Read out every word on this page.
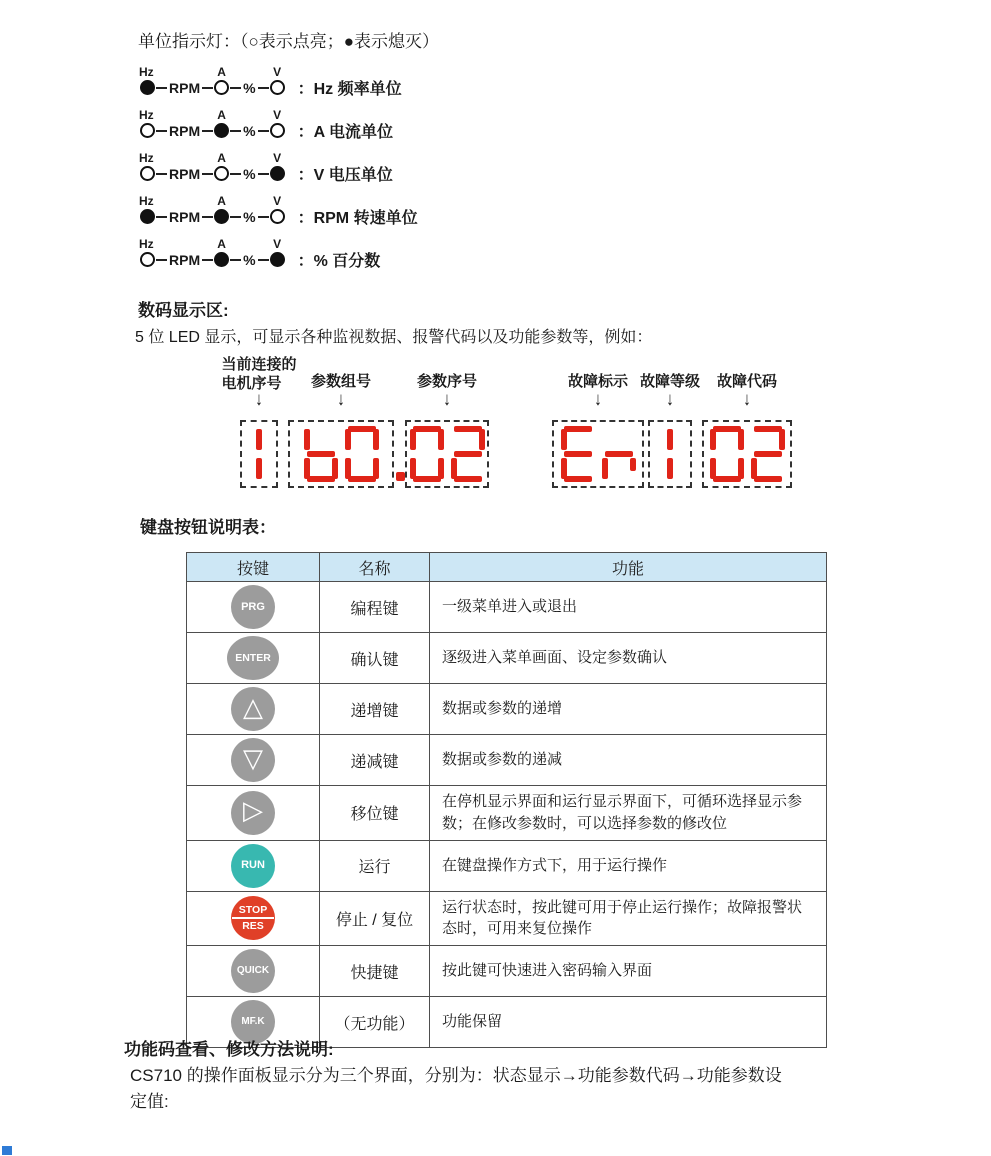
单位指示灯：（○表示点亮；●表示熄灭）
Hz
RPM
A
%
V
：Hz 频率单位
Hz
RPM
A
%
V
：A 电流单位
Hz
RPM
A
%
V
：V 电压单位
Hz
RPM
A
%
V
：RPM 转速单位
Hz
RPM
A
%
V
：% 百分数
数码显示区:
5 位 LED 显示，可显示各种监视数据、报警代码以及功能参数等，例如：
当前连接的
电机序号
↓
参数组号
↓
参数序号
↓
故障标示
↓
故障等级
↓
故障代码
↓
键盘按钮说明表：
按键	名称	功能

PRG	编程键	一级菜单进入或退出

ENTER	确认键	逐级进入菜单画面、设定参数确认

△	递增键	数据或参数的递增

▽	递减键	数据或参数的递减

▷	移位键	在停机显示界面和运行显示界面下，可循环选择显示参数；在修改参数时，可以选择参数的修改位

RUN	运行	在键盘操作方式下，用于运行操作

STOP
RES	停止 / 复位	运行状态时，按此键可用于停止运行操作；故障报警状态时，可用来复位操作

QUICK	快捷键	按此键可快速进入密码输入界面

MF.K	（无功能）	功能保留
功能码查看、修改方法说明:
CS710 的操作面板显示分为三个界面，分别为：状态显示→功能参数代码→功能参数设
定值:
